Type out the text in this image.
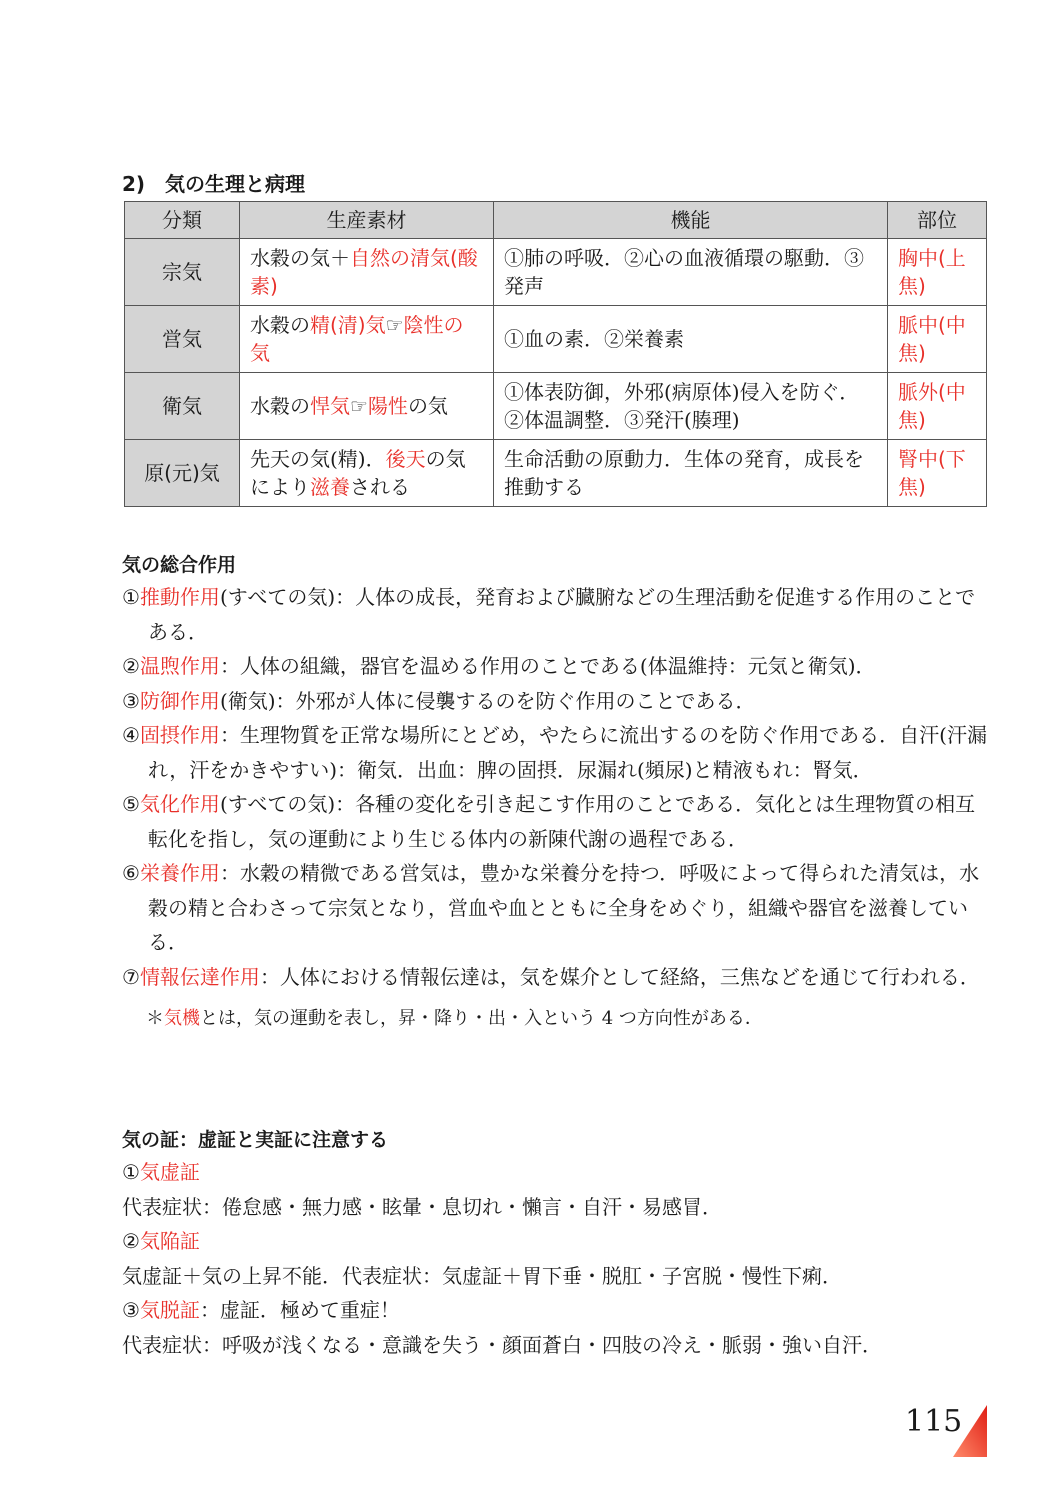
2)　気の生理と病理
分類	生産素材	機能	部位
宗気	水穀の気＋自然の清気(酸素)	①肺の呼吸．②心の血液循環の駆動．③発声	胸中(上焦)
営気	水穀の精(清)気☞陰性の気	①血の素．②栄養素	脈中(中焦)
衛気	水穀の悍気☞陽性の気	①体表防御，外邪(病原体)侵入を防ぐ．②体温調整．③発汗(腠理)	脈外(中焦)
原(元)気	先天の気(精)．後天の気により滋養される	生命活動の原動力．生体の発育，成長を推動する	腎中(下焦)
気の総合作用
①推動作用(すべての気)：人体の成長，発育および臓腑などの生理活動を促進する作用のことである．
②温煦作用：人体の組織，器官を温める作用のことである(体温維持：元気と衛気)．
③防御作用(衛気)：外邪が人体に侵襲するのを防ぐ作用のことである．
④固摂作用：生理物質を正常な場所にとどめ，やたらに流出するのを防ぐ作用である．自汗(汗漏れ，汗をかきやすい)：衛気．出血：脾の固摂．尿漏れ(頻尿)と精液もれ：腎気．
⑤気化作用(すべての気)：各種の変化を引き起こす作用のことである．気化とは生理物質の相互転化を指し，気の運動により生じる体内の新陳代謝の過程である．
⑥栄養作用：水穀の精微である営気は，豊かな栄養分を持つ．呼吸によって得られた清気は，水穀の精と合わさって宗気となり，営血や血とともに全身をめぐり，組織や器官を滋養している．
⑦情報伝達作用：人体における情報伝達は，気を媒介として経絡，三焦などを通じて行われる．
＊気機とは，気の運動を表し，昇・降り・出・入という 4 つ方向性がある．
気の証：虚証と実証に注意する
①気虚証
代表症状：倦怠感・無力感・眩暈・息切れ・懶言・自汗・易感冒．
②気陥証
気虚証＋気の上昇不能．代表症状：気虚証＋胃下垂・脱肛・子宮脱・慢性下痢．
③気脱証：虚証．極めて重症！
代表症状：呼吸が浅くなる・意識を失う・顔面蒼白・四肢の冷え・脈弱・強い自汗．
115
